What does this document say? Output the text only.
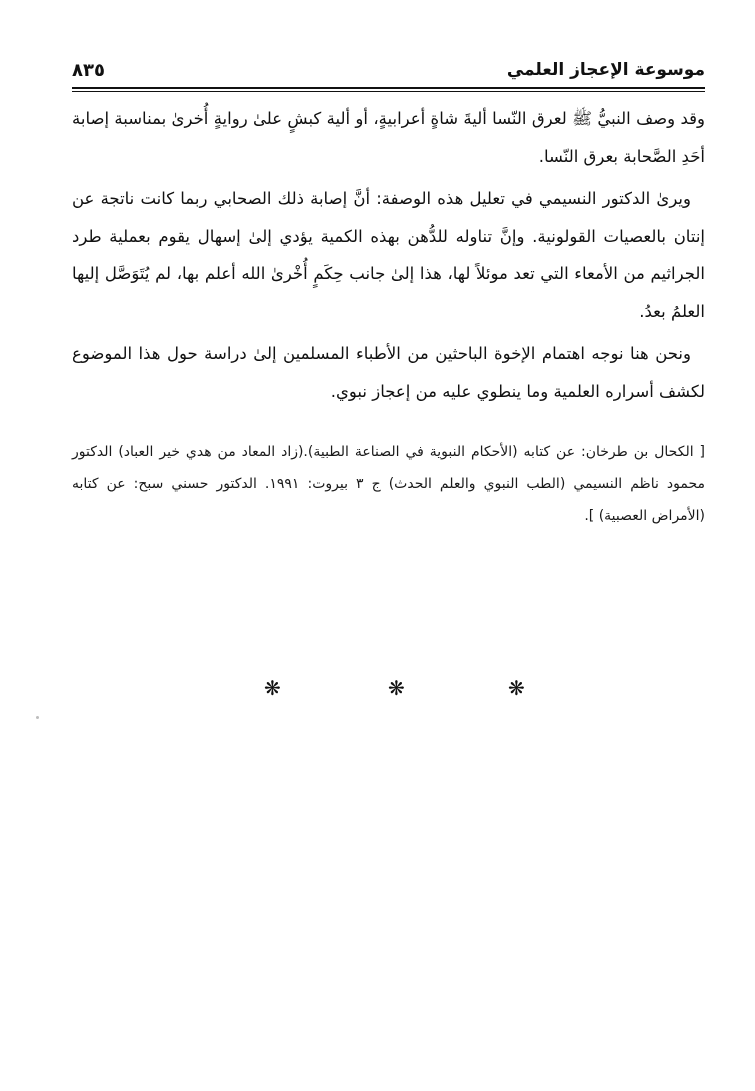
موسوعة الإعجاز العلمي
٨٣٥

وقد وصف النبيُّ ﷺ لعرق النّسا أليةَ شاةٍ أعرابيةٍ، أو ألية كبشٍ علىٰ روايةٍ أُخرىٰ بمناسبة إصابة أحَدِ الصَّحابة بعرق النّسا.

ويرىٰ الدكتور النسيمي في تعليل هذه الوصفة: أنَّ إصابة ذلك الصحابي ربما كانت ناتجة عن إنتان بالعصيات القولونية. وإنَّ تناوله للدُّهن بهذه الكمية يؤدي إلىٰ إسهال يقوم بعملية طرد الجراثيم من الأمعاء التي تعد موئلاً لها، هذا إلىٰ جانب حِكَمٍ أُخْرىٰ الله أعلم بها، لم يُتَوَصَّل إليها العلمُ بعدُ.

ونحن هنا نوجه اهتمام الإخوة الباحثين من الأطباء المسلمين إلىٰ دراسة حول هذا الموضوع لكشف أسراره العلمية وما ينطوي عليه من إعجاز نبوي.

[ الكحال بن طرخان: عن كتابه (الأحكام النبوية في الصناعة الطبية).(زاد المعاد من هدي خير العباد) الدكتور محمود ناظم النسيمي (الطب النبوي والعلم الحدث) ج ٣ بيروت: ١٩٩١. الدكتور حسني سبح: عن كتابه (الأمراض العصبية) ].
❋	❋	❋
